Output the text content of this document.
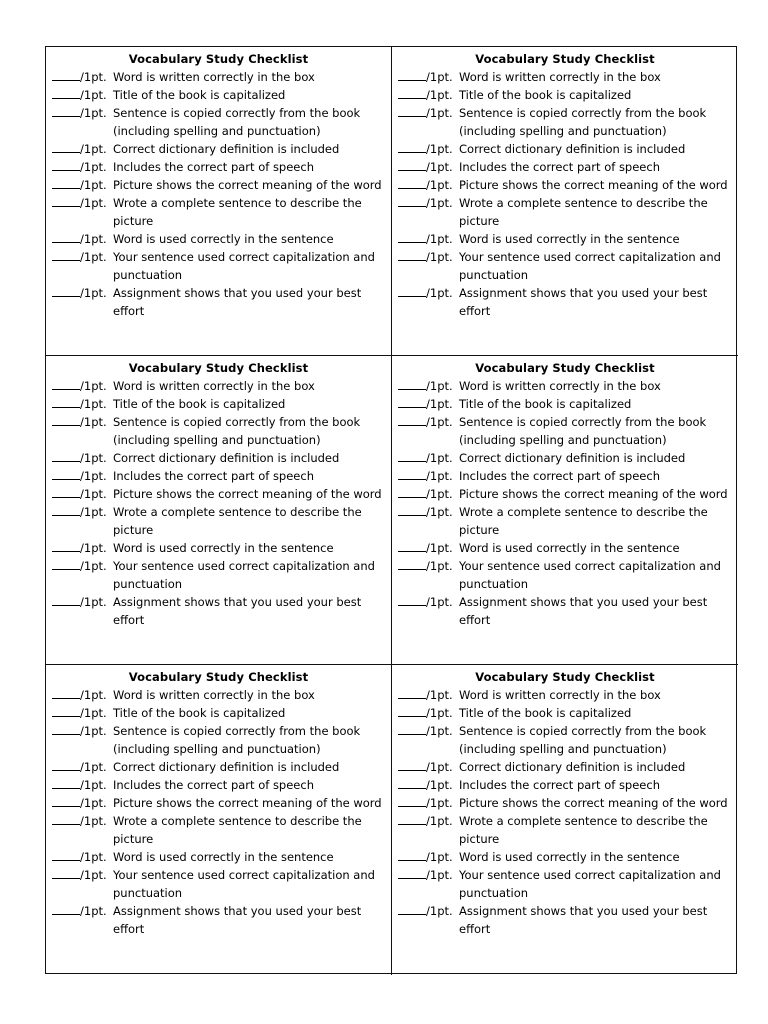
Vocabulary Study Checklist
/1pt. Word is written correctly in the box
/1pt. Title of the book is capitalized
/1pt. Sentence is copied correctly from the book (including spelling and punctuation)
/1pt. Correct dictionary definition is included
/1pt. Includes the correct part of speech
/1pt. Picture shows the correct meaning of the word
/1pt. Wrote a complete sentence to describe the picture
/1pt. Word is used correctly in the sentence
/1pt. Your sentence used correct capitalization and punctuation
/1pt. Assignment shows that you used your best effort
Vocabulary Study Checklist
/1pt. Word is written correctly in the box
/1pt. Title of the book is capitalized
/1pt. Sentence is copied correctly from the book (including spelling and punctuation)
/1pt. Correct dictionary definition is included
/1pt. Includes the correct part of speech
/1pt. Picture shows the correct meaning of the word
/1pt. Wrote a complete sentence to describe the picture
/1pt. Word is used correctly in the sentence
/1pt. Your sentence used correct capitalization and punctuation
/1pt. Assignment shows that you used your best effort
Vocabulary Study Checklist
/1pt. Word is written correctly in the box
/1pt. Title of the book is capitalized
/1pt. Sentence is copied correctly from the book (including spelling and punctuation)
/1pt. Correct dictionary definition is included
/1pt. Includes the correct part of speech
/1pt. Picture shows the correct meaning of the word
/1pt. Wrote a complete sentence to describe the picture
/1pt. Word is used correctly in the sentence
/1pt. Your sentence used correct capitalization and punctuation
/1pt. Assignment shows that you used your best effort
Vocabulary Study Checklist
/1pt. Word is written correctly in the box
/1pt. Title of the book is capitalized
/1pt. Sentence is copied correctly from the book (including spelling and punctuation)
/1pt. Correct dictionary definition is included
/1pt. Includes the correct part of speech
/1pt. Picture shows the correct meaning of the word
/1pt. Wrote a complete sentence to describe the picture
/1pt. Word is used correctly in the sentence
/1pt. Your sentence used correct capitalization and punctuation
/1pt. Assignment shows that you used your best effort
Vocabulary Study Checklist
/1pt. Word is written correctly in the box
/1pt. Title of the book is capitalized
/1pt. Sentence is copied correctly from the book (including spelling and punctuation)
/1pt. Correct dictionary definition is included
/1pt. Includes the correct part of speech
/1pt. Picture shows the correct meaning of the word
/1pt. Wrote a complete sentence to describe the picture
/1pt. Word is used correctly in the sentence
/1pt. Your sentence used correct capitalization and punctuation
/1pt. Assignment shows that you used your best effort
Vocabulary Study Checklist
/1pt. Word is written correctly in the box
/1pt. Title of the book is capitalized
/1pt. Sentence is copied correctly from the book (including spelling and punctuation)
/1pt. Correct dictionary definition is included
/1pt. Includes the correct part of speech
/1pt. Picture shows the correct meaning of the word
/1pt. Wrote a complete sentence to describe the picture
/1pt. Word is used correctly in the sentence
/1pt. Your sentence used correct capitalization and punctuation
/1pt. Assignment shows that you used your best effort
